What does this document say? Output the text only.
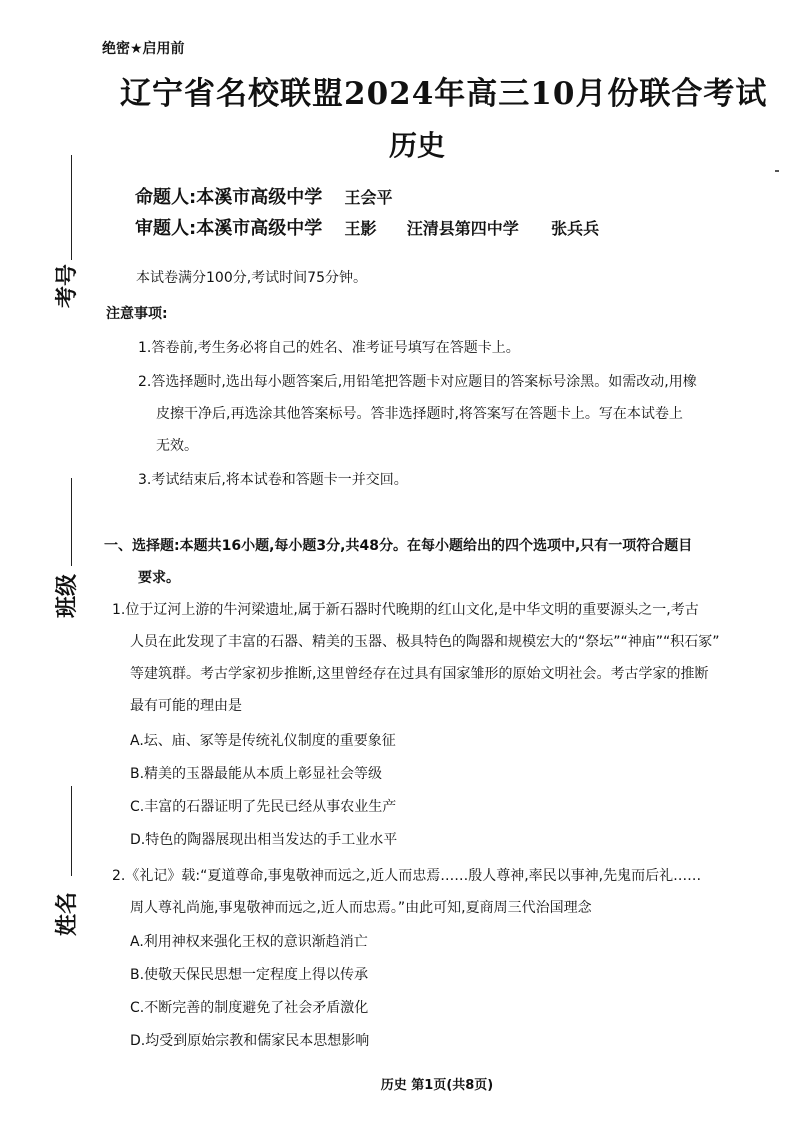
绝密★启用前
辽宁省名校联盟2024年高三10月份联合考试
历史
命题人:本溪市高级中学 王会平
审题人:本溪市高级中学 王影 汪清县第四中学 张兵兵
考号
班级
姓名
本试卷满分100分,考试时间75分钟。
注意事项:
1.答卷前,考生务必将自己的姓名、准考证号填写在答题卡上。
2.答选择题时,选出每小题答案后,用铅笔把答题卡对应题目的答案标号涂黑。如需改动,用橡
皮擦干净后,再选涂其他答案标号。答非选择题时,将答案写在答题卡上。写在本试卷上
无效。
3.考试结束后,将本试卷和答题卡一并交回。
一、选择题:本题共16小题,每小题3分,共48分。在每小题给出的四个选项中,只有一项符合题目
要求。
1.位于辽河上游的牛河梁遗址,属于新石器时代晚期的红山文化,是中华文明的重要源头之一,考古
人员在此发现了丰富的石器、精美的玉器、极具特色的陶器和规模宏大的“祭坛”“神庙”“积石冢”
等建筑群。考古学家初步推断,这里曾经存在过具有国家雏形的原始文明社会。考古学家的推断
最有可能的理由是
A.坛、庙、冢等是传统礼仪制度的重要象征
B.精美的玉器最能从本质上彰显社会等级
C.丰富的石器证明了先民已经从事农业生产
D.特色的陶器展现出相当发达的手工业水平
2.《礼记》载:“夏道尊命,事鬼敬神而远之,近人而忠焉……殷人尊神,率民以事神,先鬼而后礼……
周人尊礼尚施,事鬼敬神而远之,近人而忠焉。”由此可知,夏商周三代治国理念
A.利用神权来强化王权的意识渐趋消亡
B.使敬天保民思想一定程度上得以传承
C.不断完善的制度避免了社会矛盾激化
D.均受到原始宗教和儒家民本思想影响
历史 第1页(共8页)
